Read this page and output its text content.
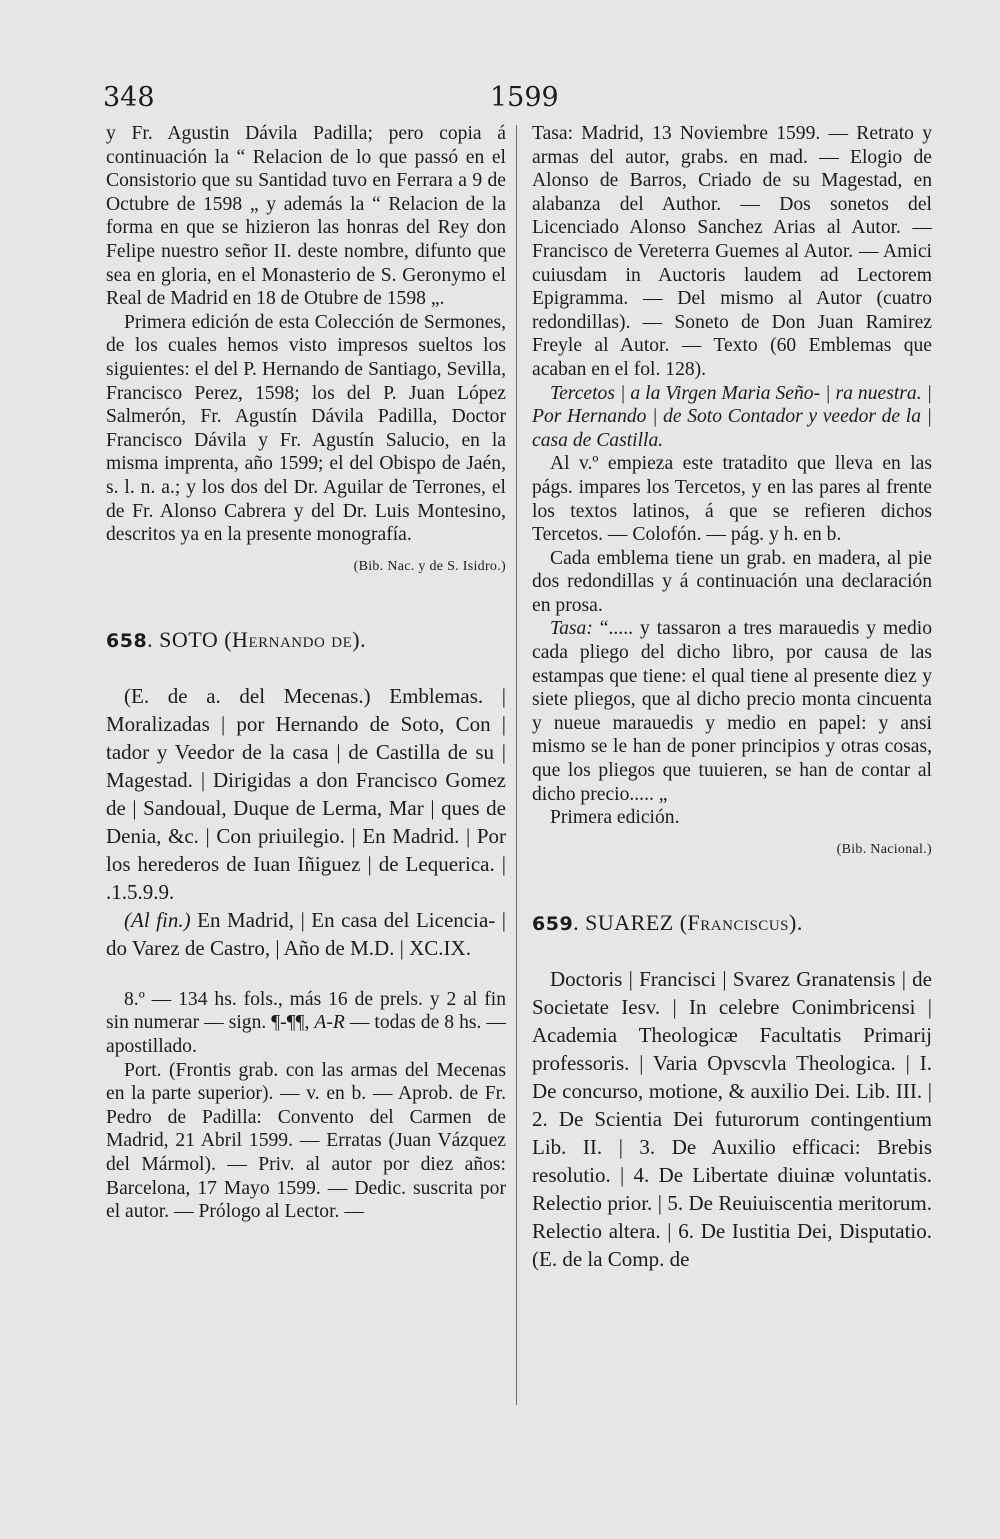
348	1599

y Fr. Agustin Dávila Padilla; pero copia á continuación la “ Relacion de lo que passó en el Consistorio que su Santidad tuvo en Ferrara a 9 de Octubre de 1598 „ y además la “ Relacion de la forma en que se hizieron las honras del Rey don Felipe nuestro señor II. deste nombre, difunto que sea en gloria, en el Monasterio de S. Geronymo el Real de Madrid en 18 de Otubre de 1598 „.

Primera edición de esta Colección de Sermones, de los cuales hemos visto impresos sueltos los siguientes: el del P. Hernando de Santiago, Sevilla, Francisco Perez, 1598; los del P. Juan López Salmerón, Fr. Agustín Dávila Padilla, Doctor Francisco Dávila y Fr. Agustín Salucio, en la misma imprenta, año 1599; el del Obispo de Jaén, s. l. n. a.; y los dos del Dr. Aguilar de Terrones, el de Fr. Alonso Cabrera y del Dr. Luis Montesino, descritos ya en la presente monografía.

(Bib. Nac. y de S. Isidro.)
658. SOTO (Hernando de).

(E. de a. del Mecenas.) Emblemas. | Moralizadas | por Hernando de Soto, Con | tador y Veedor de la casa | de Castilla de su | Magestad. | Dirigidas a don Francisco Gomez de | Sandoual, Duque de Lerma, Mar | ques de Denia, &c. | Con priuilegio. | En Madrid. | Por los herederos de Iuan Iñiguez | de Lequerica. | .1.5.9.9.

(Al fin.) En Madrid, | En casa del Licencia- | do Varez de Castro, | Año de M.D. | XC.IX.

8.º — 134 hs. fols., más 16 de prels. y 2 al fin sin numerar — sign. ¶-¶¶, A-R — todas de 8 hs. — apostillado.

Port. (Frontis grab. con las armas del Mecenas en la parte superior). — v. en b. — Aprob. de Fr. Pedro de Padilla: Convento del Carmen de Madrid, 21 Abril 1599. — Erratas (Juan Vázquez del Mármol). — Priv. al autor por diez años: Barcelona, 17 Mayo 1599. — Dedic. suscrita por el autor. — Prólogo al Lector. —

Tasa: Madrid, 13 Noviembre 1599. — Retrato y armas del autor, grabs. en mad. — Elogio de Alonso de Barros, Criado de su Magestad, en alabanza del Author. — Dos sonetos del Licenciado Alonso Sanchez Arias al Autor. — Francisco de Vereterra Guemes al Autor. — Amici cuiusdam in Auctoris laudem ad Lectorem Epigramma. — Del mismo al Autor (cuatro redondillas). — Soneto de Don Juan Ramirez Freyle al Autor. — Texto (60 Emblemas que acaban en el fol. 128).

Tercetos | a la Virgen Maria Seño- | ra nuestra. | Por Hernando | de Soto Contador y veedor de la | casa de Castilla.

Al v.º empieza este tratadito que lleva en las págs. impares los Tercetos, y en las pares al frente los textos latinos, á que se refieren dichos Tercetos. — Colofón. — pág. y h. en b.

Cada emblema tiene un grab. en madera, al pie dos redondillas y á continuación una declaración en prosa.

Tasa: “..... y tassaron a tres marauedis y medio cada pliego del dicho libro, por causa de las estampas que tiene: el qual tiene al presente diez y siete pliegos, que al dicho precio monta cincuenta y nueue marauedis y medio en papel: y ansi mismo se le han de poner principios y otras cosas, que los pliegos que tuuieren, se han de contar al dicho precio..... „

Primera edición.

(Bib. Nacional.)
659. SUAREZ (Franciscus).

Doctoris | Francisci | Svarez Granatensis | de Societate Iesv. | In celebre Conimbricensi | Academia Theologicæ Facultatis Primarij professoris. | Varia Opvscvla Theologica. | I. De concurso, motione, & auxilio Dei. Lib. III. | 2. De Scientia Dei futurorum contingentium Lib. II. | 3. De Auxilio efficaci: Brebis resolutio. | 4. De Libertate diuinæ voluntatis. Relectio prior. | 5. De Reuiuiscentia meritorum. Relectio altera. | 6. De Iustitia Dei, Disputatio. (E. de la Comp. de
